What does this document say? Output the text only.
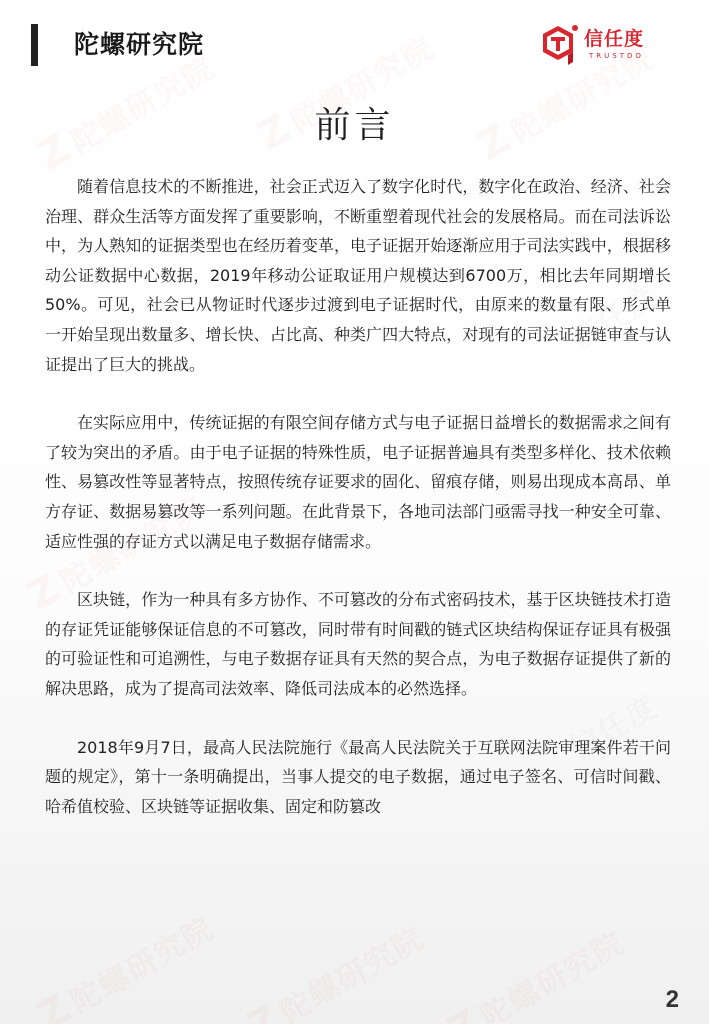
信任度
信任度
陀螺研究院	信任度
TRUSTDO
前言

随着信息技术的不断推进，社会正式迈入了数字化时代，数字化在政治、经济、社会治理、群众生活等方面发挥了重要影响，不断重塑着现代社会的发展格局。而在司法诉讼中，为人熟知的证据类型也在经历着变革，电子证据开始逐渐应用于司法实践中，根据移动公证数据中心数据，2019年移动公证取证用户规模达到6700万，相比去年同期增长50%。可见，社会已从物证时代逐步过渡到电子证据时代，由原来的数量有限、形式单一开始呈现出数量多、增长快、占比高、种类广四大特点，对现有的司法证据链审查与认证提出了巨大的挑战。

在实际应用中，传统证据的有限空间存储方式与电子证据日益增长的数据需求之间有了较为突出的矛盾。由于电子证据的特殊性质，电子证据普遍具有类型多样化、技术依赖性、易篡改性等显著特点，按照传统存证要求的固化、留痕存储，则易出现成本高昂、单方存证、数据易篡改等一系列问题。在此背景下，各地司法部门亟需寻找一种安全可靠、适应性强的存证方式以满足电子数据存储需求。

区块链，作为一种具有多方协作、不可篡改的分布式密码技术，基于区块链技术打造的存证凭证能够保证信息的不可篡改，同时带有时间戳的链式区块结构保证存证具有极强的可验证性和可追溯性，与电子数据存证具有天然的契合点，为电子数据存证提供了新的解决思路，成为了提高司法效率、降低司法成本的必然选择。

2018年9月7日，最高人民法院施行《最高人民法院关于互联网法院审理案件若干问题的规定》，第十一条明确提出，当事人提交的电子数据，通过电子签名、可信时间戳、哈希值校验、区块链等证据收集、固定和防篡改

2
